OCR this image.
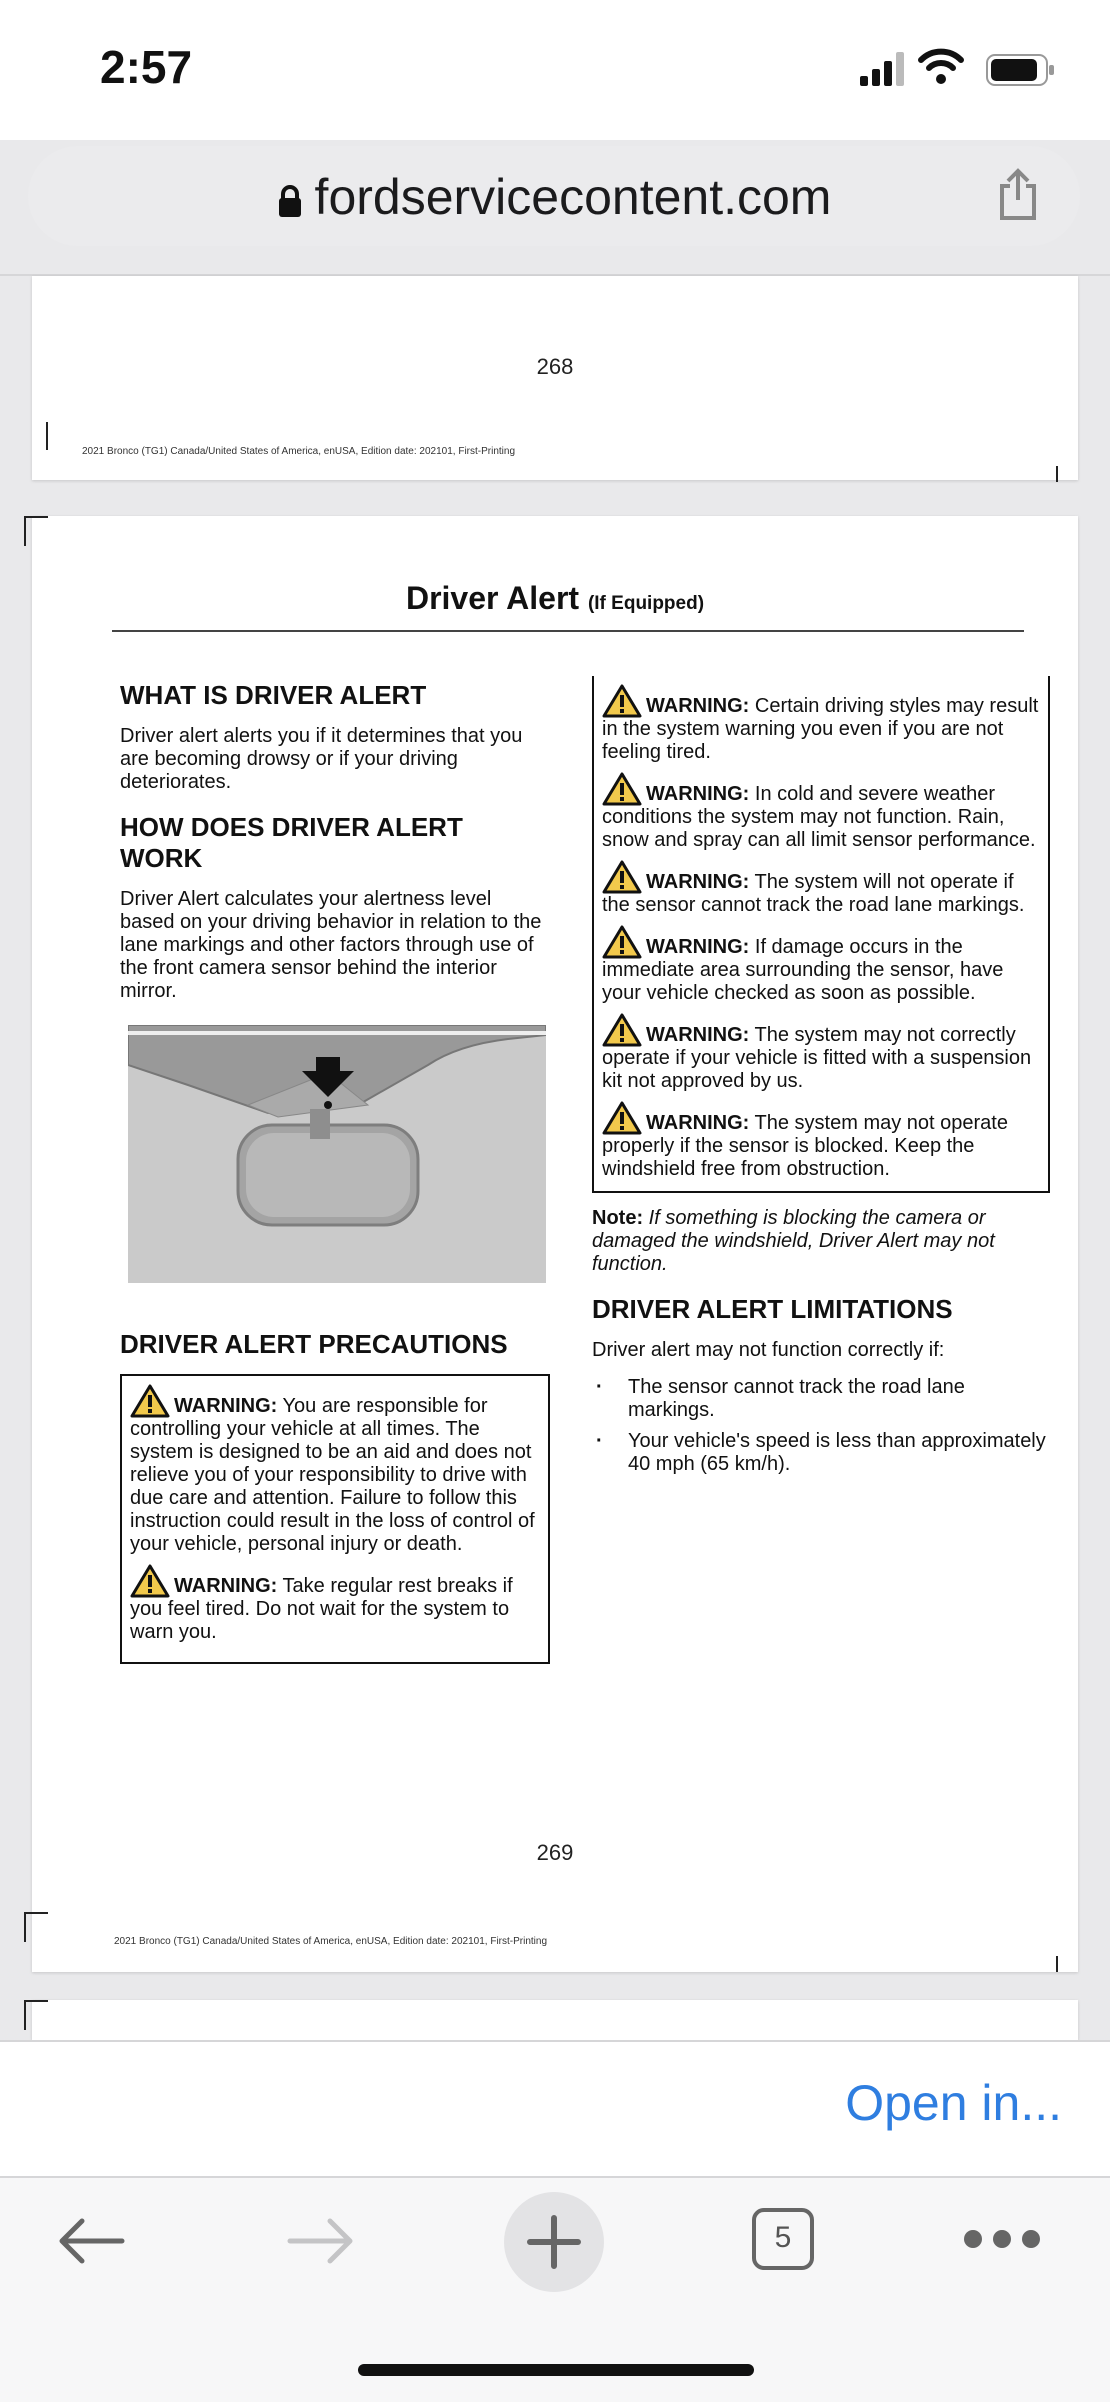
2:57
fordservicecontent.com
268
2021 Bronco (TG1) Canada/United States of America, enUSA, Edition date: 202101, First-Printing
Driver Alert (If Equipped)
WHAT IS DRIVER ALERT

Driver alert alerts you if it determines that you are becoming drowsy or if your driving deteriorates.

HOW DOES DRIVER ALERT WORK

Driver Alert calculates your alertness level based on your driving behavior in relation to the lane markings and other factors through use of the front camera sensor behind the interior mirror.

DRIVER ALERT PRECAUTIONS
WARNING: You are responsible for controlling your vehicle at all times. The system is designed to be an aid and does not relieve you of your responsibility to drive with due care and attention. Failure to follow this instruction could result in the loss of control of your vehicle, personal injury or death.
WARNING: Take regular rest breaks if you feel tired. Do not wait for the system to warn you.
WARNING: Certain driving styles may result in the system warning you even if you are not feeling tired.
WARNING: In cold and severe weather conditions the system may not function. Rain, snow and spray can all limit sensor performance.
WARNING: The system will not operate if the sensor cannot track the road lane markings.
WARNING: If damage occurs in the immediate area surrounding the sensor, have your vehicle checked as soon as possible.
WARNING: The system may not correctly operate if your vehicle is fitted with a suspension kit not approved by us.
WARNING: The system may not operate properly if the sensor is blocked. Keep the windshield free from obstruction.

Note: If something is blocking the camera or damaged the windshield, Driver Alert may not function.

DRIVER ALERT LIMITATIONS

Driver alert may not function correctly if:

· The sensor cannot track the road lane markings.
· Your vehicle's speed is less than approximately 40 mph (65 km/h).
269
2021 Bronco (TG1) Canada/United States of America, enUSA, Edition date: 202101, First-Printing
Open in...
5
